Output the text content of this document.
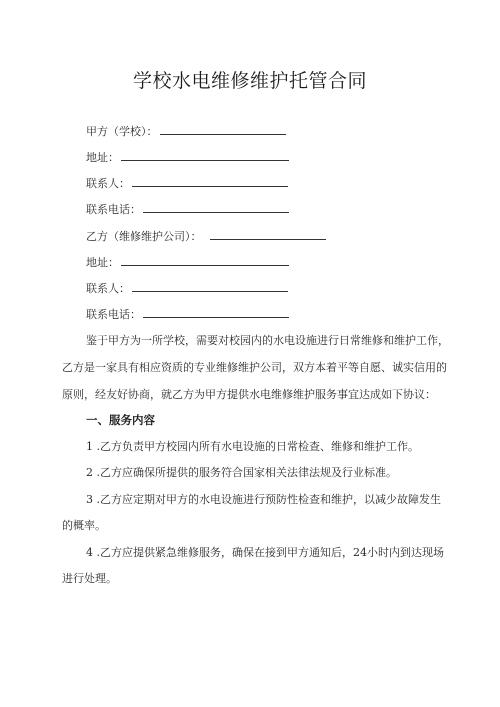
学校水电维修维护托管合同
甲方（学校）：
地址：
联系人：
联系电话：
乙方（维修维护公司）：
地址：
联系人：
联系电话：
鉴于甲方为一所学校，需要对校园内的水电设施进行日常维修和维护工作，
乙方是一家具有相应资质的专业维修维护公司，双方本着平等自愿、诚实信用的
原则，经友好协商，就乙方为甲方提供水电维修维护服务事宜达成如下协议：
一、服务内容
1 .乙方负责甲方校园内所有水电设施的日常检查、维修和维护工作。
2 .乙方应确保所提供的服务符合国家相关法律法规及行业标准。
3 .乙方应定期对甲方的水电设施进行预防性检查和维护，以减少故障发生
的概率。
4 .乙方应提供紧急维修服务，确保在接到甲方通知后，24小时内到达现场
进行处理。
